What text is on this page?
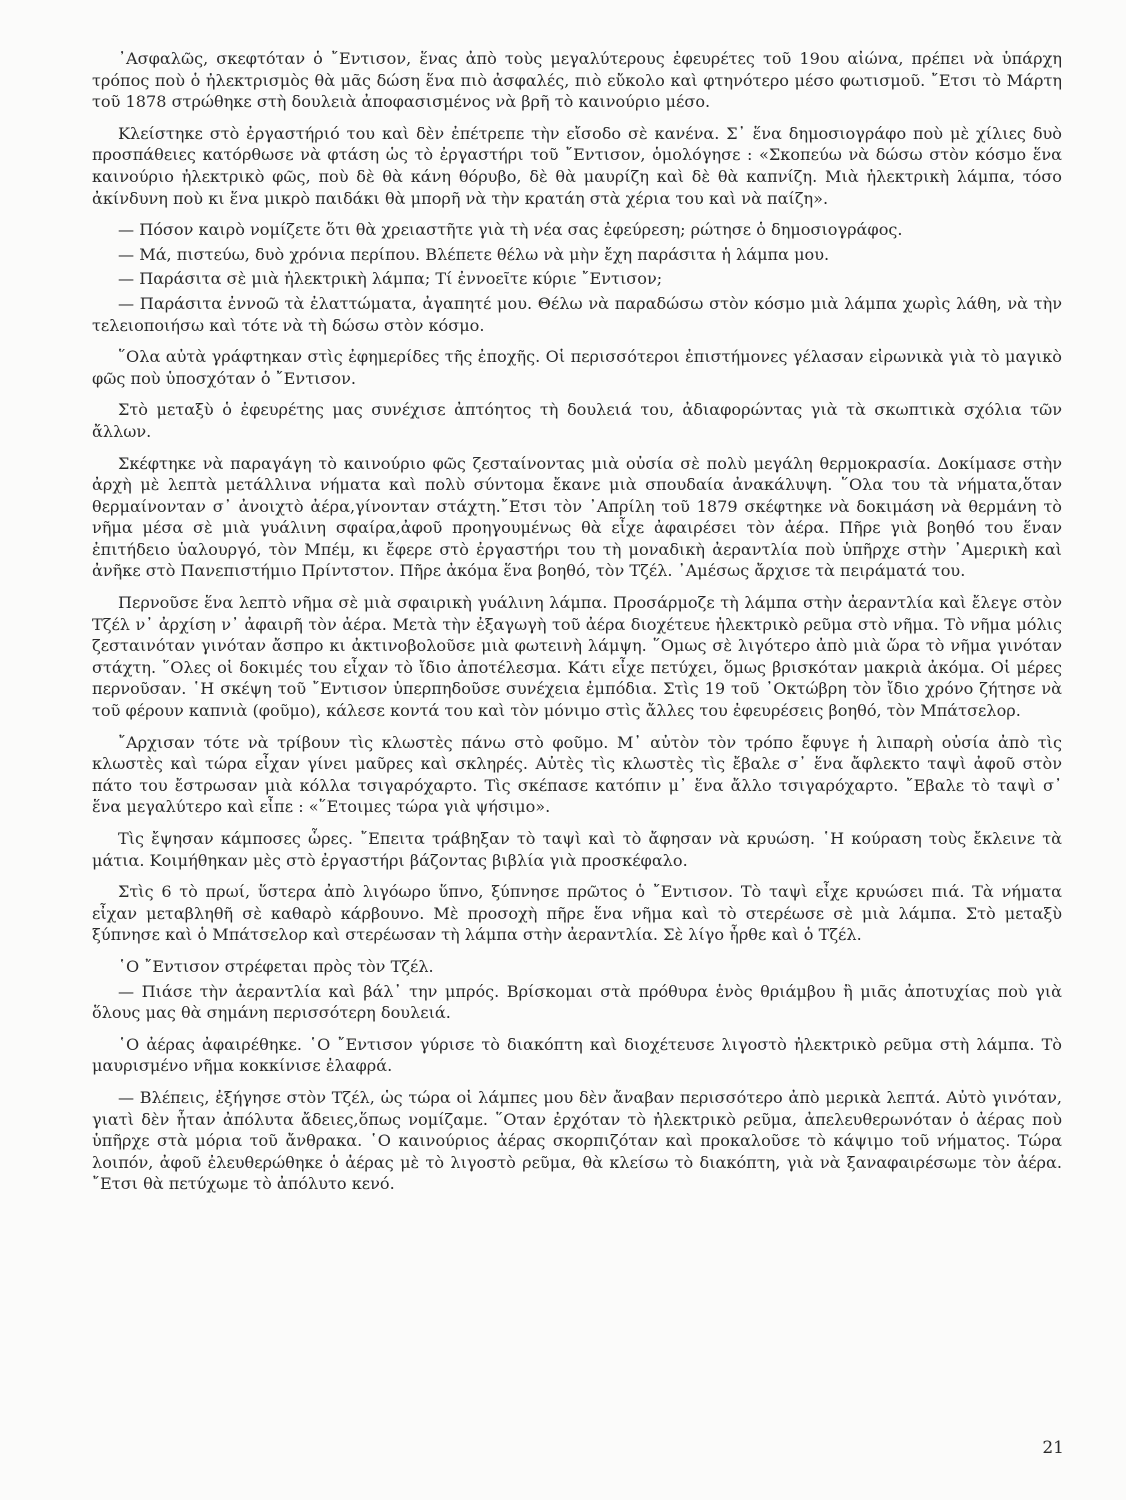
᾿Ασφαλῶς, σκεφτόταν ὁ ῎Εντισον, ἕνας ἀπὸ τοὺς μεγαλύτερους ἐφευρέτες τοῦ 19ου αἰώνα, πρέπει νὰ ὑπάρχη τρόπος ποὺ ὁ ἠλεκτρισμὸς θὰ μᾶς δώση ἕνα πιὸ ἀσφαλές, πιὸ εὔκολο καὶ φτηνότερο μέσο φωτισμοῦ. ῎Ετσι τὸ Μάρτη τοῦ 1878 στρώθηκε στὴ δουλειὰ ἀποφασισμένος νὰ βρῆ τὸ καινούριο μέσο.

Κλείστηκε στὸ ἐργαστήριό του καὶ δὲν ἐπέτρεπε τὴν εἴσοδο σὲ κανένα. Σ᾿ ἕνα δημοσιογράφο ποὺ μὲ χίλιες δυὸ προσπάθειες κατόρθωσε νὰ φτάση ὡς τὸ ἐργαστήρι τοῦ ῎Εντισον, ὁμολόγησε : «Σκοπεύω νὰ δώσω στὸν κόσμο ἕνα καινούριο ἠλεκτρικὸ φῶς, ποὺ δὲ θὰ κάνη θόρυβο, δὲ θὰ μαυρίζη καὶ δὲ θὰ καπνίζη. Μιὰ ἠλεκτρικὴ λάμπα, τόσο ἀκίνδυνη ποὺ κι ἕνα μικρὸ παιδάκι θὰ μπορῆ νὰ τὴν κρατάη στὰ χέρια του καὶ νὰ παίζη».

— Πόσον καιρὸ νομίζετε ὅτι θὰ χρειαστῆτε γιὰ τὴ νέα σας ἐφεύρεση; ρώτησε ὁ δημοσιογράφος.

— Μά, πιστεύω, δυὸ χρόνια περίπου. Βλέπετε θέλω νὰ μὴν ἔχη παράσιτα ἡ λάμπα μου.

— Παράσιτα σὲ μιὰ ἠλεκτρικὴ λάμπα; Τί ἐννοεῖτε κύριε ῎Εντισον;

— Παράσιτα ἐννοῶ τὰ ἐλαττώματα, ἀγαπητέ μου. Θέλω νὰ παραδώσω στὸν κόσμο μιὰ λάμπα χωρὶς λάθη, νὰ τὴν τελειοποιήσω καὶ τότε νὰ τὴ δώσω στὸν κόσμο.

῞Ολα αὐτὰ γράφτηκαν στὶς ἐφημερίδες τῆς ἐποχῆς. Οἱ περισσότεροι ἐπιστήμονες γέλασαν εἰρωνικὰ γιὰ τὸ μαγικὸ φῶς ποὺ ὑποσχόταν ὁ ῎Εντισον.

Στὸ μεταξὺ ὁ ἐφευρέτης μας συνέχισε ἀπτόητος τὴ δουλειά του, ἀδιαφορώντας γιὰ τὰ σκωπτικὰ σχόλια τῶν ἄλλων.

Σκέφτηκε νὰ παραγάγη τὸ καινούριο φῶς ζεσταίνοντας μιὰ οὐσία σὲ πολὺ μεγάλη θερμοκρασία. Δοκίμασε στὴν ἀρχὴ μὲ λεπτὰ μετάλλινα νήματα καὶ πολὺ σύντομα ἔκανε μιὰ σπουδαία ἀνακάλυψη. ῞Ολα του τὰ νήματα,ὅταν θερμαίνονταν σ᾿ ἀνοιχτὸ ἀέρα,γίνονταν στάχτη.῎Ετσι τὸν ᾿Απρίλη τοῦ 1879 σκέφτηκε νὰ δοκιμάση νὰ θερμάνη τὸ νῆμα μέσα σὲ μιὰ γυάλινη σφαίρα,ἀφοῦ προηγουμένως θὰ εἶχε ἀφαιρέσει τὸν ἀέρα. Πῆρε γιὰ βοηθό του ἕναν ἐπιτήδειο ὑαλουργό, τὸν Μπέμ, κι ἔφερε στὸ ἐργαστήρι του τὴ μοναδικὴ ἀεραντλία ποὺ ὑπῆρχε στὴν ᾿Αμερικὴ καὶ ἀνῆκε στὸ Πανεπιστήμιο Πρίντστον. Πῆρε ἀκόμα ἕνα βοηθό, τὸν Τζέλ. ᾿Αμέσως ἄρχισε τὰ πειράματά του.

Περνοῦσε ἕνα λεπτὸ νῆμα σὲ μιὰ σφαιρικὴ γυάλινη λάμπα. Προσάρμοζε τὴ λάμπα στὴν ἀεραντλία καὶ ἔλεγε στὸν Τζέλ ν᾿ ἀρχίση ν᾿ ἀφαιρῆ τὸν ἀέρα. Μετὰ τὴν ἐξαγωγὴ τοῦ ἀέρα διοχέτευε ἠλεκτρικὸ ρεῦμα στὸ νῆμα. Τὸ νῆμα μόλις ζεσταινόταν γινόταν ἄσπρο κι ἀκτινοβολοῦσε μιὰ φωτεινὴ λάμψη. ῞Ομως σὲ λιγότερο ἀπὸ μιὰ ὥρα τὸ νῆμα γινόταν στάχτη. ῞Ολες οἱ δοκιμές του εἶχαν τὸ ἴδιο ἀποτέλεσμα. Κάτι εἶχε πετύχει, ὅμως βρισκόταν μακριὰ ἀκόμα. Οἱ μέρες περνοῦσαν. ῾Η σκέψη τοῦ ῎Εντισον ὑπερπηδοῦσε συνέχεια ἐμπόδια. Στὶς 19 τοῦ ᾿Οκτώβρη τὸν ἴδιο χρόνο ζήτησε νὰ τοῦ φέρουν καπνιὰ (φοῦμο), κάλεσε κοντά του καὶ τὸν μόνιμο στὶς ἄλλες του ἐφευρέσεις βοηθό, τὸν Μπάτσελορ.

῎Αρχισαν τότε νὰ τρίβουν τὶς κλωστὲς πάνω στὸ φοῦμο. Μ᾿ αὐτὸν τὸν τρόπο ἔφυγε ἡ λιπαρὴ οὐσία ἀπὸ τὶς κλωστὲς καὶ τώρα εἶχαν γίνει μαῦρες καὶ σκληρές. Αὐτὲς τὶς κλωστὲς τὶς ἔβαλε σ᾿ ἕνα ἄφλεκτο ταψὶ ἀφοῦ στὸν πάτο του ἔστρωσαν μιὰ κόλλα τσιγαρόχαρτο. Τὶς σκέπασε κατόπιν μ᾿ ἕνα ἄλλο τσιγαρόχαρτο. ῎Εβαλε τὸ ταψὶ σ᾿ ἕνα μεγαλύτερο καὶ εἶπε : «῞Ετοιμες τώρα γιὰ ψήσιμο».

Τὶς ἔψησαν κάμποσες ὧρες. ῎Επειτα τράβηξαν τὸ ταψὶ καὶ τὸ ἄφησαν νὰ κρυώση. ῾Η κούραση τοὺς ἔκλεινε τὰ μάτια. Κοιμήθηκαν μὲς στὸ ἐργαστήρι βάζοντας βιβλία γιὰ προσκέφαλο.

Στὶς 6 τὸ πρωί, ὕστερα ἀπὸ λιγόωρο ὕπνο, ξύπνησε πρῶτος ὁ ῎Εντισον. Τὸ ταψὶ εἶχε κρυώσει πιά. Τὰ νήματα εἶχαν μεταβληθῆ σὲ καθαρὸ κάρβουνο. Μὲ προσοχὴ πῆρε ἕνα νῆμα καὶ τὸ στερέωσε σὲ μιὰ λάμπα. Στὸ μεταξὺ ξύπνησε καὶ ὁ Μπάτσελορ καὶ στερέωσαν τὴ λάμπα στὴν ἀεραντλία. Σὲ λίγο ἦρθε καὶ ὁ Τζέλ.

῾Ο ῎Εντισον στρέφεται πρὸς τὸν Τζέλ.

— Πιάσε τὴν ἀεραντλία καὶ βάλ᾿ την μπρός. Βρίσκομαι στὰ πρόθυρα ἑνὸς θριάμβου ἢ μιᾶς ἀποτυχίας ποὺ γιὰ ὅλους μας θὰ σημάνη περισσότερη δουλειά.

῾Ο ἀέρας ἀφαιρέθηκε. ῾Ο ῎Εντισον γύρισε τὸ διακόπτη καὶ διοχέτευσε λιγοστὸ ἠλεκτρικὸ ρεῦμα στὴ λάμπα. Τὸ μαυρισμένο νῆμα κοκκίνισε ἐλαφρά.

— Βλέπεις, ἐξήγησε στὸν Τζέλ, ὡς τώρα οἱ λάμπες μου δὲν ἄναβαν περισσότερο ἀπὸ μερικὰ λεπτά. Αὐτὸ γινόταν, γιατὶ δὲν ἦταν ἀπόλυτα ἄδειες,ὅπως νομίζαμε. ῞Οταν ἐρχόταν τὸ ἠλεκτρικὸ ρεῦμα, ἀπελευθερωνόταν ὁ ἀέρας ποὺ ὑπῆρχε στὰ μόρια τοῦ ἄνθρακα. ῾Ο καινούριος ἀέρας σκορπιζόταν καὶ προκαλοῦσε τὸ κάψιμο τοῦ νήματος. Τώρα λοιπόν, ἀφοῦ ἐλευθερώθηκε ὁ ἀέρας μὲ τὸ λιγοστὸ ρεῦμα, θὰ κλείσω τὸ διακόπτη, γιὰ νὰ ξαναφαιρέσωμε τὸν ἀέρα. ῎Ετσι θὰ πετύχωμε τὸ ἀπόλυτο κενό.

21
